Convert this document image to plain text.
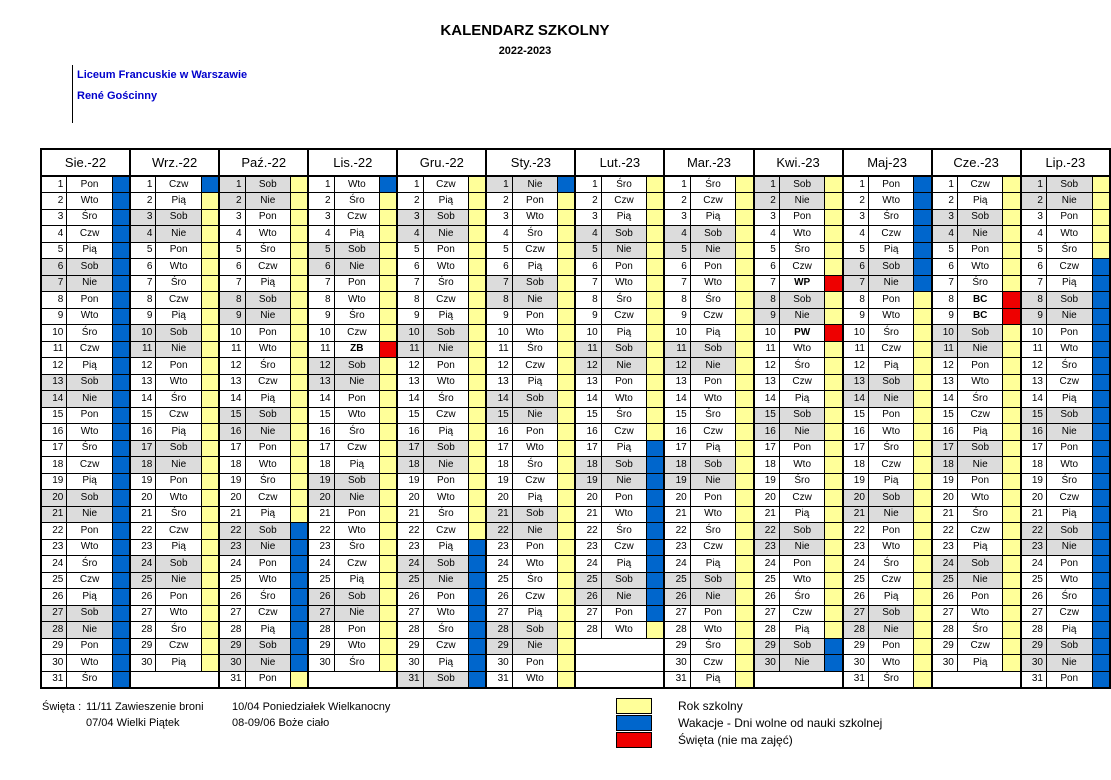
KALENDARZ SZKOLNY
2022-2023
Liceum Francuskie w Warszawie
René Gościnny
Sie.-22			Wrz.-22			Paź.-22			Lis.-22			Gru.-22			Sty.-23			Lut.-23			Mar.-23			Kwi.-23			Maj-23			Cze.-23			Lip.-23		
1	Pon		1	Czw		1	Sob		1	Wto		1	Czw		1	Nie		1	Śro		1	Śro		1	Sob		1	Pon		1	Czw		1	Sob	
2	Wto		2	Pią		2	Nie		2	Śro		2	Pią		2	Pon		2	Czw		2	Czw		2	Nie		2	Wto		2	Pią		2	Nie	
3	Śro		3	Sob		3	Pon		3	Czw		3	Sob		3	Wto		3	Pią		3	Pią		3	Pon		3	Śro		3	Sob		3	Pon	
4	Czw		4	Nie		4	Wto		4	Pią		4	Nie		4	Śro		4	Sob		4	Sob		4	Wto		4	Czw		4	Nie		4	Wto	
5	Pią		5	Pon		5	Śro		5	Sob		5	Pon		5	Czw		5	Nie		5	Nie		5	Śro		5	Pią		5	Pon		5	Śro	
6	Sob		6	Wto		6	Czw		6	Nie		6	Wto		6	Pią		6	Pon		6	Pon		6	Czw		6	Sob		6	Wto		6	Czw	
7	Nie		7	Śro		7	Pią		7	Pon		7	Śro		7	Sob		7	Wto		7	Wto		7	WP		7	Nie		7	Śro		7	Pią	
8	Pon		8	Czw		8	Sob		8	Wto		8	Czw		8	Nie		8	Śro		8	Śro		8	Sob		8	Pon		8	BC		8	Sob	
9	Wto		9	Pią		9	Nie		9	Śro		9	Pią		9	Pon		9	Czw		9	Czw		9	Nie		9	Wto		9	BC		9	Nie	
10	Śro		10	Sob		10	Pon		10	Czw		10	Sob		10	Wto		10	Pią		10	Pią		10	PW		10	Śro		10	Sob		10	Pon	
11	Czw		11	Nie		11	Wto		11	ZB		11	Nie		11	Śro		11	Sob		11	Sob		11	Wto		11	Czw		11	Nie		11	Wto	
12	Pią		12	Pon		12	Śro		12	Sob		12	Pon		12	Czw		12	Nie		12	Nie		12	Śro		12	Pią		12	Pon		12	Śro	
13	Sob		13	Wto		13	Czw		13	Nie		13	Wto		13	Pią		13	Pon		13	Pon		13	Czw		13	Sob		13	Wto		13	Czw	
14	Nie		14	Śro		14	Pią		14	Pon		14	Śro		14	Sob		14	Wto		14	Wto		14	Pią		14	Nie		14	Śro		14	Pią	
15	Pon		15	Czw		15	Sob		15	Wto		15	Czw		15	Nie		15	Śro		15	Śro		15	Sob		15	Pon		15	Czw		15	Sob	
16	Wto		16	Pią		16	Nie		16	Śro		16	Pią		16	Pon		16	Czw		16	Czw		16	Nie		16	Wto		16	Pią		16	Nie	
17	Śro		17	Sob		17	Pon		17	Czw		17	Sob		17	Wto		17	Pią		17	Pią		17	Pon		17	Śro		17	Sob		17	Pon	
18	Czw		18	Nie		18	Wto		18	Pią		18	Nie		18	Śro		18	Sob		18	Sob		18	Wto		18	Czw		18	Nie		18	Wto	
19	Pią		19	Pon		19	Śro		19	Sob		19	Pon		19	Czw		19	Nie		19	Nie		19	Śro		19	Pią		19	Pon		19	Śro	
20	Sob		20	Wto		20	Czw		20	Nie		20	Wto		20	Pią		20	Pon		20	Pon		20	Czw		20	Sob		20	Wto		20	Czw	
21	Nie		21	Śro		21	Pią		21	Pon		21	Śro		21	Sob		21	Wto		21	Wto		21	Pią		21	Nie		21	Śro		21	Pią	
22	Pon		22	Czw		22	Sob		22	Wto		22	Czw		22	Nie		22	Śro		22	Śro		22	Sob		22	Pon		22	Czw		22	Sob	
23	Wto		23	Pią		23	Nie		23	Śro		23	Pią		23	Pon		23	Czw		23	Czw		23	Nie		23	Wto		23	Pią		23	Nie	
24	Śro		24	Sob		24	Pon		24	Czw		24	Sob		24	Wto		24	Pią		24	Pią		24	Pon		24	Śro		24	Sob		24	Pon	
25	Czw		25	Nie		25	Wto		25	Pią		25	Nie		25	Śro		25	Sob		25	Sob		25	Wto		25	Czw		25	Nie		25	Wto	
26	Pią		26	Pon		26	Śro		26	Sob		26	Pon		26	Czw		26	Nie		26	Nie		26	Śro		26	Pią		26	Pon		26	Śro	
27	Sob		27	Wto		27	Czw		27	Nie		27	Wto		27	Pią		27	Pon		27	Pon		27	Czw		27	Sob		27	Wto		27	Czw	
28	Nie		28	Śro		28	Pią		28	Pon		28	Śro		28	Sob		28	Wto		28	Wto		28	Pią		28	Nie		28	Śro		28	Pią	
29	Pon		29	Czw		29	Sob		29	Wto		29	Czw		29	Nie					29	Śro		29	Sob		29	Pon		29	Czw		29	Sob	
30	Wto		30	Pią		30	Nie		30	Śro		30	Pią		30	Pon					30	Czw		30	Nie		30	Wto		30	Pią		30	Nie	
31	Śro					31	Pon					31	Sob		31	Wto					31	Pią					31	Śro					31	Pon	
Święta : 11/11 Zawieszenie broni
07/04 Wielki Piątek
10/04 Poniedziałek Wielkanocny
08-09/06 Boże ciało
Rok szkolny
Wakacje - Dni wolne od nauki szkolnej
Święta (nie ma zajęć)
